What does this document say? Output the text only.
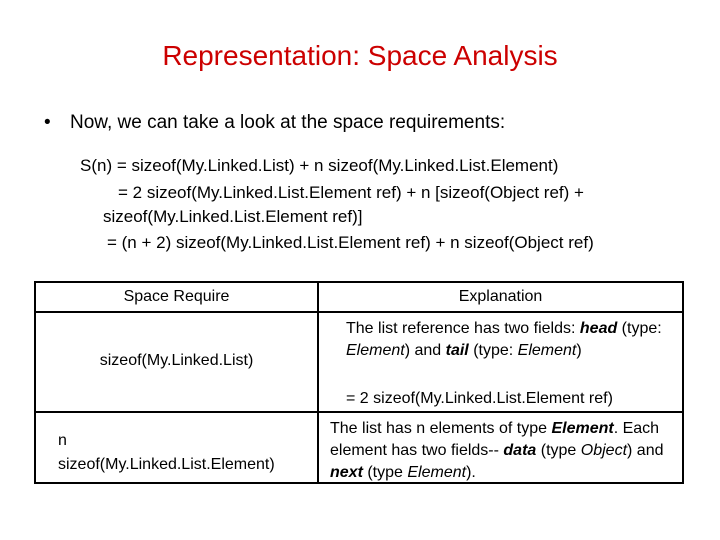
Representation: Space Analysis
• Now, we can take a look at the space requirements:
S(n) = sizeof(My.Linked.List) + n sizeof(My.Linked.List.Element)
= 2 sizeof(My.Linked.List.Element ref) + n [sizeof(Object ref) +
sizeof(My.Linked.List.Element ref)]
= (n + 2) sizeof(My.Linked.List.Element ref) + n sizeof(Object ref)
Space Require	Explanation
sizeof(My.Linked.List)
The list reference has two fields: head (type: Element) and tail (type: Element)
= 2 sizeof(My.Linked.List.Element ref)
n
sizeof(My.Linked.List.Element)
The list has n elements of type Element. Each element has two fields-- data (type Object) and next (type Element).
